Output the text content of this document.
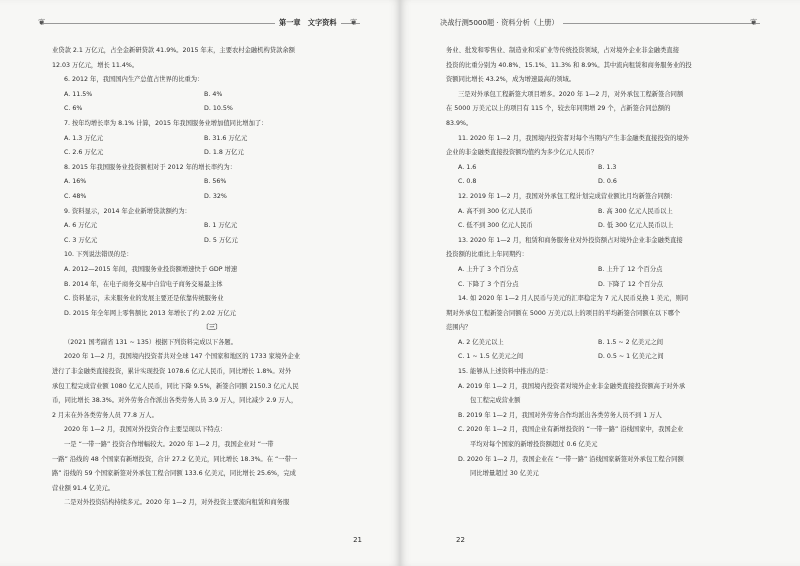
❦	第一章　文字资料	❦

业贷款 2.1 万亿元，占全金新研贷款 41.9%。2015 年末，主要农村金融机构贷款余额

12.03 万亿元，增长 11.4%。

6. 2012 年，我国国内生产总值占世界的比重为：

A. 11.5%	B. 4%
C. 6%	D. 10.5%

7. 按年均增长率为 8.1% 计算，2015 年我国服务业增加值同比增加了：

A. 1.3 万亿元	B. 31.6 万亿元
C. 2.6 万亿元	D. 1.8 万亿元

8. 2015 年我国服务业投资额相对于 2012 年的增长率约为：

A. 16%	B. 56%
C. 48%	D. 32%

9. 资料显示，2014 年企业新增贷款额约为：

A. 6 万亿元	B. 1 万亿元
C. 3 万亿元	D. 5 万亿元

10. 下列说法错误的是：

A. 2012—2015 年间，我国服务业投资额增速快于 GDP 增速

B. 2014 年，在电子商务交易中自营电子商务交易最主体

C. 资料显示，未来服务业的发展主要还是依靠传统服务业

D. 2015 年全年网上零售额比 2013 年增长了约 2.02 万亿元

〔三〕

（2021 国考副省 131 ~ 135）根据下列资料完成以下各题。

2020 年 1—2 月，我国境内投资者共对全球 147 个国家和地区的 1733 家境外企业

进行了非金融类直接投资，累计实现投资 1078.6 亿元人民币，同比增长 1.8%。对外

承包工程完成营业额 1080 亿元人民币，同比下降 9.5%，新签合同额 2150.3 亿元人民

币，同比增长 38.3%。对外劳务合作派出各类劳务人员 3.9 万人，同比减少 2.9 万人，

2 月末在外各类劳务人员 77.8 万人。

2020 年 1—2 月，我国对外投资合作主要呈现以下特点：

一是 “一带一路” 投资合作增幅较大。2020 年 1—2 月，我国企业对 “一带

一路” 沿线的 48 个国家有新增投资，合计 27.2 亿美元，同比增长 18.3%。在 “一带一

路” 沿线的 59 个国家新签对外承包工程合同额 133.6 亿美元，同比增长 25.6%，完成

营业额 91.4 亿美元。

二是对外投资结构持续多元。2020 年 1—2 月，对外投资主要流向租赁和商务服

21
决战行测5000题 · 资料分析（上册）	❦

务业、批发和零售业、制造业和采矿业等传统投资领域，占对境外企业非金融类直接

投资的比重分别为 40.8%、15.1%、11.3% 和 8.9%。其中流向租赁和商务服务业的投

资额同比增长 43.2%，成为增速最高的领域。

三是对外承包工程新签大项目增多。2020 年 1—2 月，对外承包工程新签合同额

在 5000 万美元以上的项目有 115 个，较去年同期增 29 个，占新签合同总额的

83.9%。

11. 2020 年 1—2 月，我国境内投资者对每个当期内产生非金融类直接投资的境外

企业的非金融类直接投资额均值约为多少亿元人民币？

A. 1.6	B. 1.3
C. 0.8	D. 0.6

12. 2019 年 1—2 月，我国对外承包工程计划完成营业额比月均新签合同额：

A. 高不到 300 亿元人民币	B. 高 300 亿元人民币以上
C. 低不到 300 亿元人民币	D. 低 300 亿元人民币以上

13. 2020 年 1—2 月，租赁和商务服务业对外投资额占对境外企业非金融类直接

投资额的比重比上年同期约：

A. 上升了 3 个百分点	B. 上升了 12 个百分点
C. 下降了 3 个百分点	D. 下降了 12 个百分点

14. 如 2020 年 1—2 月人民币与美元的汇率稳定为 7 元人民币兑换 1 美元，则同

期对外承包工程新签合同额在 5000 万美元以上的项目的平均新签合同额在以下哪个

范围内？

A. 2 亿美元以上	B. 1.5 ~ 2 亿美元之间
C. 1 ~ 1.5 亿美元之间	D. 0.5 ~ 1 亿美元之间

15. 能够从上述资料中推出的是：

A. 2019 年 1—2 月，我国境内投资者对境外企业非金融类直接投资额高于对外承

包工程完成营业额

B. 2019 年 1—2 月，我国对外劳务合作均派出各类劳务人员不到 1 万人

C. 2020 年 1—2 月，我国企业有新增投资的 “一带一路” 沿线国家中，我国企业

平均对每个国家的新增投资额超过 0.6 亿美元

D. 2020 年 1—2 月，我国企业在 “一带一路” 沿线国家新签对外承包工程合同额

同比增量超过 30 亿美元

22
